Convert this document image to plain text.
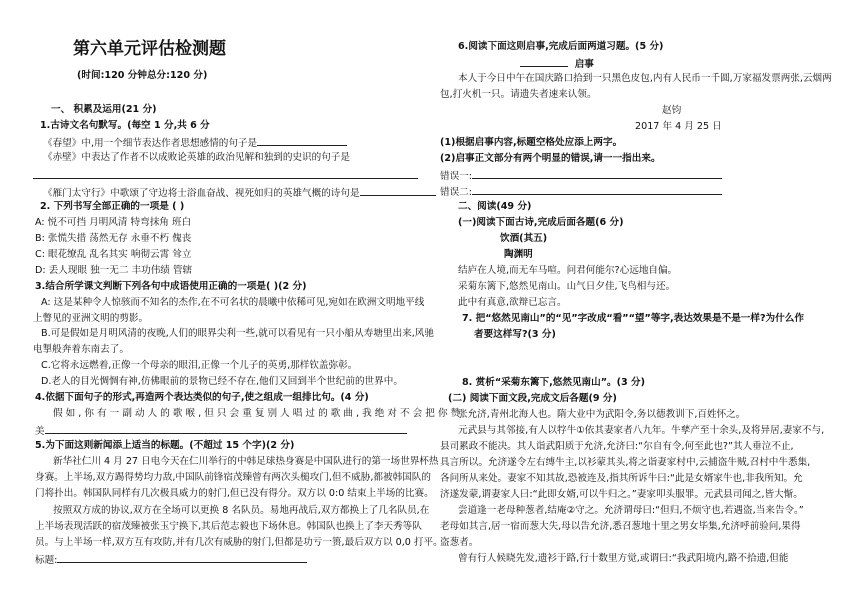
第六单元评估检测题
(时间:120 分钟总分:120 分)
一、 积累及运用(21 分)
1.古诗文名句默写。(每空 1 分,共 6 分
《春望》中,用一个细节表达作者思想感情的句子是
《赤壁》中表达了作者不以成败论英雄的政治见解和独到的史识的句子是
《雁门太守行》中歌颂了守边将士浴血奋战、视死如归的英雄气概的诗句是
2. 下列书写全部正确的一项是 ( )
A: 悦不可挡 月明风清 特弯抹角 班白
B: 张慌失措 荡然无存 永垂不朽 傀丧
C: 眼花缭乱 乱名其实 响彻云霄 耸立
D: 丢人现眼 独一无二 丰功伟绩 管辖
3.结合所学课文判断下列各句中成语使用正确的一项是( )(2 分)
A: 这是某种令人惊骇而不知名的杰作,在不可名状的晨曦中依稀可见,宛如在欧洲文明地平线
上瞥见的亚洲文明的剪影。
B.可是假如是月明风清的夜晚,人们的眼界尖利一些,就可以看见有一只小船从寿塘里出来,风驰
电掣般奔着东南去了。
C.它将永远燃着,正像一个母亲的眼泪,正像一个儿子的英勇,那样钦盖弥彰。
D.老人的目光惆惆有神,仿佛眼前的景物已经不存在,他们又回到半个世纪前的世界中。
4.依据下面句子的形式,再造两个表达类似的句子,使之组成一组排比句。(4 分)
假 如 , 你 有 一 副 动 人 的 歌 喉 , 但 只 会 重 复 别 人 唱 过 的 歌 曲 , 我 绝 对 不 会 把 你 赞
美
5.为下面这则新闻添上适当的标题。(不超过 15 个字)(2 分)
新华社仁川 4 月 27 日电今天在仁川举行的中韩足球热身赛是中国队进行的第一场世界杯热
身赛。上半场,双方踢得势均力敌,中国队前锋宿茂臻曾有两次头槌攻门,但不威胁,都被韩国队的
门将扑出。韩国队同样有几次极具威力的射门,但已没有得分。双方以 0:0 结束上半场的比赛。
按照双方成的协议,双方在全场可以更换 8 名队员。易地再战后,双方都换上了几名队员,在
上半场表现活跃的宿茂臻被张玉宁换下,其后范志毅也下场休息。韩国队也换上了李天秀等队
员。与上半场一样,双方互有攻防,并有几次有威胁的射门,但都是功亏一篑,最后双方以 0,0 打平。
标题:
6.阅读下面这则启事,完成后面两道习题。(5 分)
启事
本人于今日中午在国庆路口拾到一只黑色皮包,内有人民币一千圆,万家福发票两张,云烟两
包,打火机一只。请遗失者速来认领。
赵钧
2017 年 4 月 25 日
(1)根据启事内容,标题空格处应添上两字。
(2)启事正文部分有两个明显的错误,请一一指出来。
错误一:
错误二:
二、阅读(49 分)
(一)阅读下面古诗,完成后面各题(6 分)
饮酒(其五)
陶渊明
结庐在人境,而无车马喧。问君何能尔?心远地自偏。
采菊东篱下,悠然见南山。山气日夕佳,飞鸟相与还。
此中有真意,欲辩已忘言。
7. 把“悠然见南山”的“见”字改成“看”“望”等字,表达效果是不是一样?为什么作
者要这样写?(3 分)
8. 赏析“采菊东篱下,悠然见南山”。(3 分)
(二) 阅读下面文段,完成文后各题(9 分)
张允济,青州北海人也。隋大业中为武阳令,务以德教训下,百姓怀之。
元武县与其邻接,有人以牸牛①依其妻家者八九年。牛孳产至十余头,及将异居,妻家不与,
县司累政不能决。其人诣武阳质于允济,允济曰:“尔自有令,何至此也?”其人垂泣不止,
具言所以。允济遂令左右缚牛主,以衫蒙其头,将之诣妻家村中,云捕盗牛贼,召村中牛悉集,
各问所从来处。妻家不知其故,恐被连及,指其所诉牛曰:“此是女婿家牛也,非我所知。允
济遂发蒙,谓妻家人曰:“此即女婿,可以牛归之。”妻家叩头服罪。元武县司闻之,皆大惭。
尝道逢一老母种葱者,结庵②守之。允济谓母曰:“但归,不烦守也,若遇盗,当来告令。”
老母如其言,居一宿而葱大失,母以告允济,悉召葱地十里之男女毕集,允济呼前验问,果得
盗葱者。
曾有行人候晓先发,遗衫于路,行十数里方觉,或谓曰:“我武阳境内,路不拾遗,但能
